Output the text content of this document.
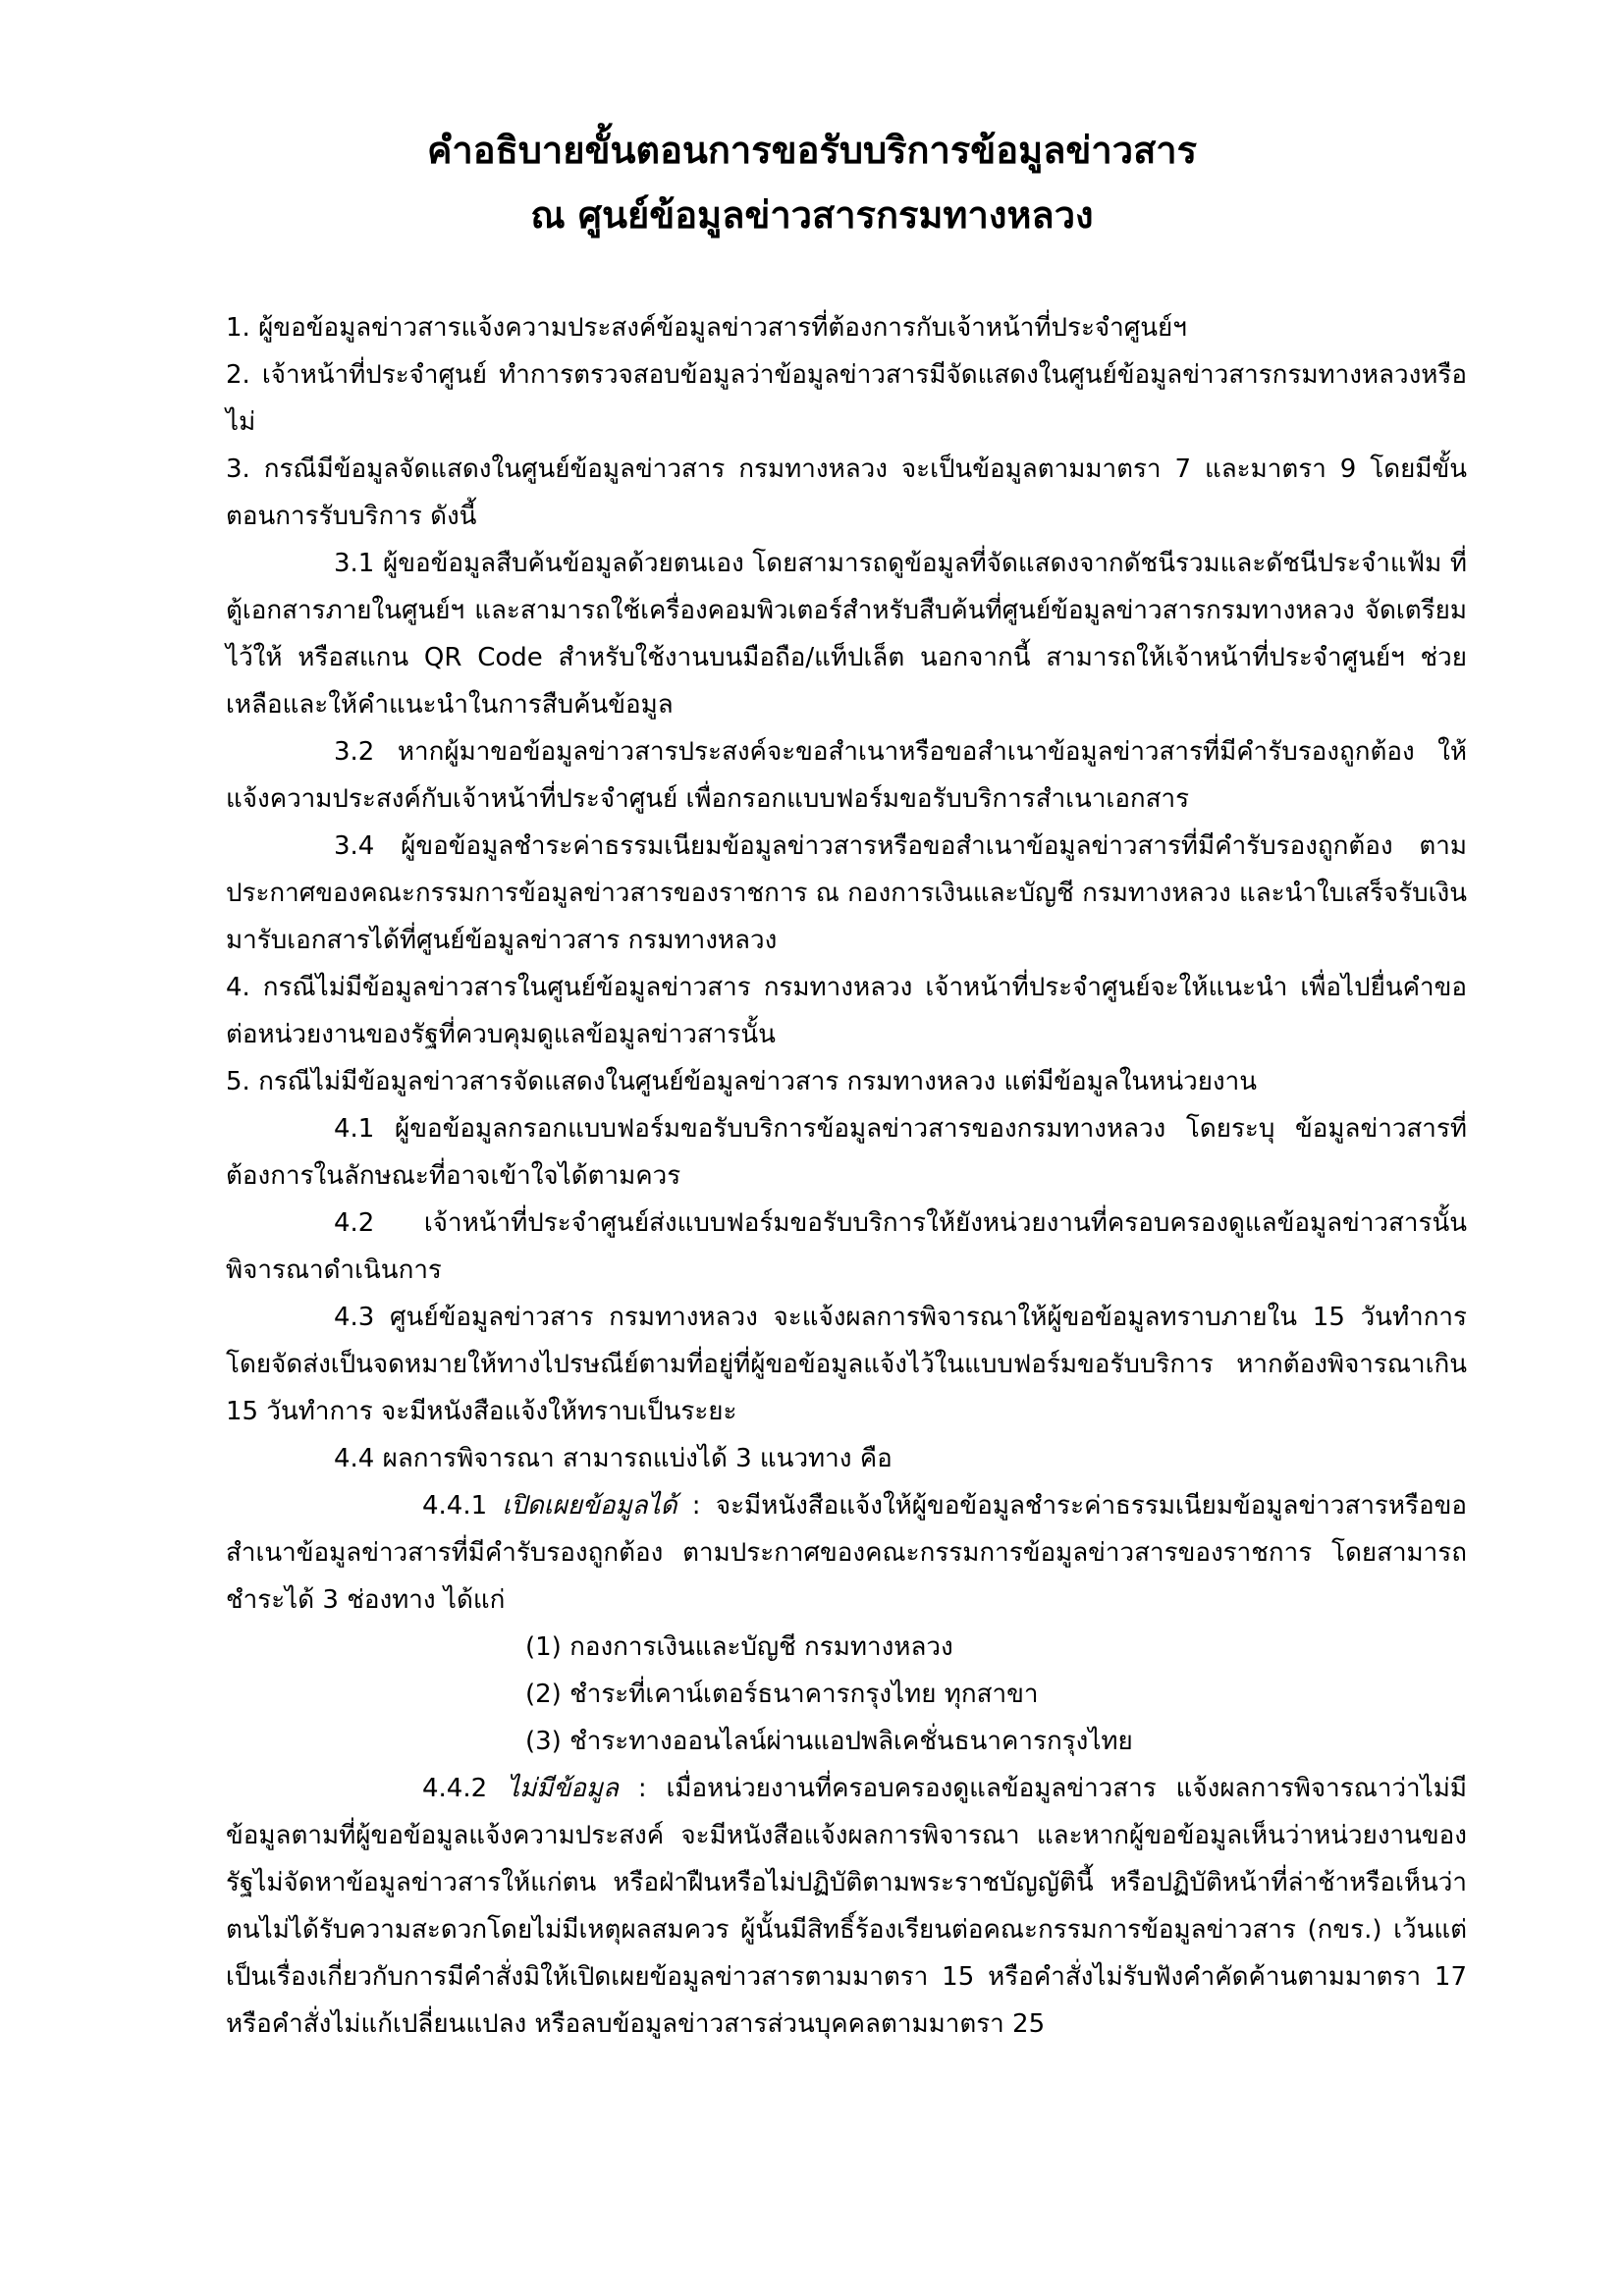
คำอธิบายขั้นตอนการขอรับบริการข้อมูลข่าวสาร
ณ ศูนย์ข้อมูลข่าวสารกรมทางหลวง

1. ผู้ขอข้อมูลข่าวสารแจ้งความประสงค์ข้อมูลข่าวสารที่ต้องการกับเจ้าหน้าที่ประจำศูนย์ฯ

2. เจ้าหน้าที่ประจำศูนย์ ทำการตรวจสอบข้อมูลว่าข้อมูลข่าวสารมีจัดแสดงในศูนย์ข้อมูลข่าวสารกรมทางหลวงหรือไม่

3. กรณีมีข้อมูลจัดแสดงในศูนย์ข้อมูลข่าวสาร กรมทางหลวง จะเป็นข้อมูลตามมาตรา 7 และมาตรา 9 โดยมีขั้นตอนการรับบริการ ดังนี้

3.1 ผู้ขอข้อมูลสืบค้นข้อมูลด้วยตนเอง โดยสามารถดูข้อมูลที่จัดแสดงจากดัชนีรวมและดัชนีประจำแฟ้ม ที่ตู้เอกสารภายในศูนย์ฯ และสามารถใช้เครื่องคอมพิวเตอร์สำหรับสืบค้นที่ศูนย์ข้อมูลข่าวสารกรมทางหลวง จัดเตรียมไว้ให้ หรือสแกน QR Code สำหรับใช้งานบนมือถือ/แท็ปเล็ต นอกจากนี้ สามารถให้เจ้าหน้าที่ประจำศูนย์ฯ ช่วยเหลือและให้คำแนะนำในการสืบค้นข้อมูล

3.2 หากผู้มาขอข้อมูลข่าวสารประสงค์จะขอสำเนาหรือขอสำเนาข้อมูลข่าวสารที่มีคำรับรองถูกต้อง ให้แจ้งความประสงค์กับเจ้าหน้าที่ประจำศูนย์ เพื่อกรอกแบบฟอร์มขอรับบริการสำเนาเอกสาร

3.4 ผู้ขอข้อมูลชำระค่าธรรมเนียมข้อมูลข่าวสารหรือขอสำเนาข้อมูลข่าวสารที่มีคำรับรองถูกต้อง ตามประกาศของคณะกรรมการข้อมูลข่าวสารของราชการ ณ กองการเงินและบัญชี กรมทางหลวง และนำใบเสร็จรับเงินมารับเอกสารได้ที่ศูนย์ข้อมูลข่าวสาร กรมทางหลวง

4. กรณีไม่มีข้อมูลข่าวสารในศูนย์ข้อมูลข่าวสาร กรมทางหลวง เจ้าหน้าที่ประจำศูนย์จะให้แนะนำ เพื่อไปยื่นคำขอต่อหน่วยงานของรัฐที่ควบคุมดูแลข้อมูลข่าวสารนั้น

5. กรณีไม่มีข้อมูลข่าวสารจัดแสดงในศูนย์ข้อมูลข่าวสาร กรมทางหลวง แต่มีข้อมูลในหน่วยงาน

4.1 ผู้ขอข้อมูลกรอกแบบฟอร์มขอรับบริการข้อมูลข่าวสารของกรมทางหลวง โดยระบุ ข้อมูลข่าวสารที่ต้องการในลักษณะที่อาจเข้าใจได้ตามควร

4.2 เจ้าหน้าที่ประจำศูนย์ส่งแบบฟอร์มขอรับบริการให้ยังหน่วยงานที่ครอบครองดูแลข้อมูลข่าวสารนั้นพิจารณาดำเนินการ

4.3 ศูนย์ข้อมูลข่าวสาร กรมทางหลวง จะแจ้งผลการพิจารณาให้ผู้ขอข้อมูลทราบภายใน 15 วันทำการ โดยจัดส่งเป็นจดหมายให้ทางไปรษณีย์ตามที่อยู่ที่ผู้ขอข้อมูลแจ้งไว้ในแบบฟอร์มขอรับบริการ หากต้องพิจารณาเกิน 15 วันทำการ จะมีหนังสือแจ้งให้ทราบเป็นระยะ

4.4 ผลการพิจารณา สามารถแบ่งได้ 3 แนวทาง คือ

4.4.1 เปิดเผยข้อมูลได้ : จะมีหนังสือแจ้งให้ผู้ขอข้อมูลชำระค่าธรรมเนียมข้อมูลข่าวสารหรือขอสำเนาข้อมูลข่าวสารที่มีคำรับรองถูกต้อง ตามประกาศของคณะกรรมการข้อมูลข่าวสารของราชการ โดยสามารถชำระได้ 3 ช่องทาง ได้แก่

(1) กองการเงินและบัญชี กรมทางหลวง

(2) ชำระที่เคาน์เตอร์ธนาคารกรุงไทย ทุกสาขา

(3) ชำระทางออนไลน์ผ่านแอปพลิเคชั่นธนาคารกรุงไทย

4.4.2 ไม่มีข้อมูล : เมื่อหน่วยงานที่ครอบครองดูแลข้อมูลข่าวสาร แจ้งผลการพิจารณาว่าไม่มีข้อมูลตามที่ผู้ขอข้อมูลแจ้งความประสงค์ จะมีหนังสือแจ้งผลการพิจารณา และหากผู้ขอข้อมูลเห็นว่าหน่วยงานของรัฐไม่จัดหาข้อมูลข่าวสารให้แก่ตน หรือฝ่าฝืนหรือไม่ปฏิบัติตามพระราชบัญญัตินี้ หรือปฏิบัติหน้าที่ล่าช้าหรือเห็นว่าตนไม่ได้รับความสะดวกโดยไม่มีเหตุผลสมควร ผู้นั้นมีสิทธิ์ร้องเรียนต่อคณะกรรมการข้อมูลข่าวสาร (กขร.) เว้นแต่เป็นเรื่องเกี่ยวกับการมีคำสั่งมิให้เปิดเผยข้อมูลข่าวสารตามมาตรา 15 หรือคำสั่งไม่รับฟังคำคัดค้านตามมาตรา 17 หรือคำสั่งไม่แก้เปลี่ยนแปลง หรือลบข้อมูลข่าวสารส่วนบุคคลตามมาตรา 25
